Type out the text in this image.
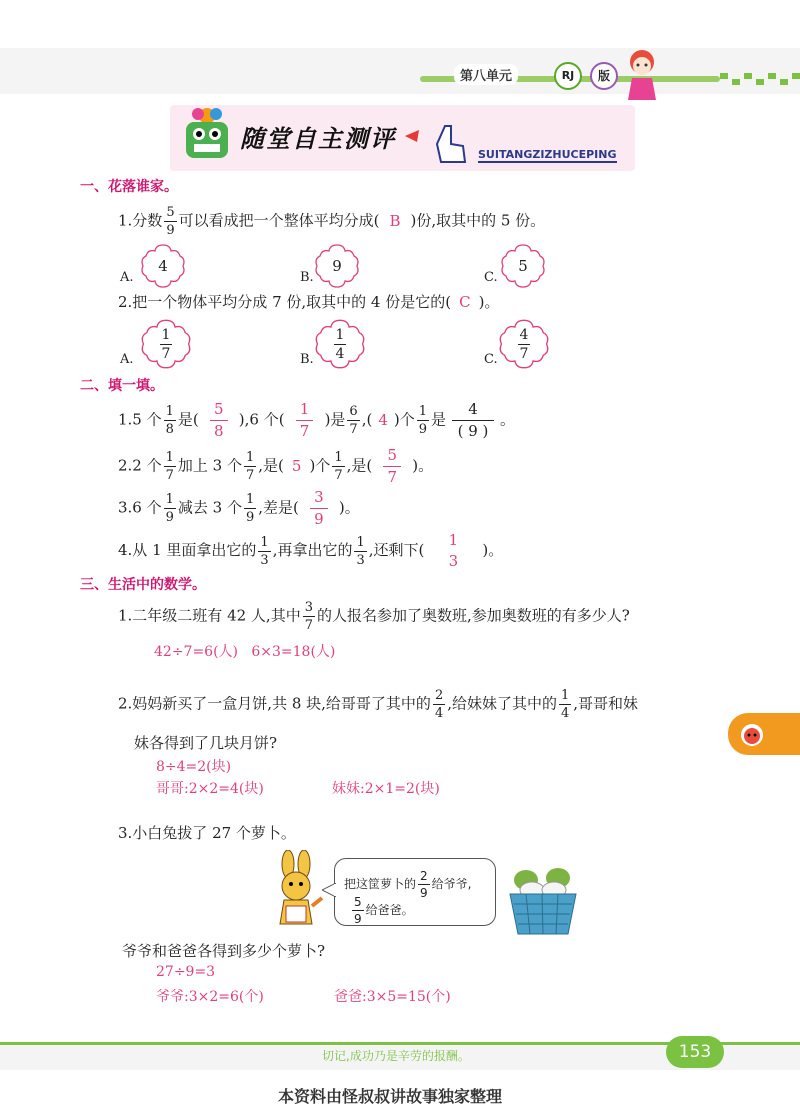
第八单元	RJ	版
随堂自主测评
SUITANGZIZHUCEPING
一、花落谁家。
1.分数 $\frac{5}{9}$ 可以看成把一个整体平均分成( B )份,取其中的 5 份。
A.
4
B.
9
C.
5
2.把一个物体平均分成 7 份,取其中的 4 份是它的( C )。
A. $\frac{1}{7}$	B. $\frac{1}{4}$	C. $\frac{4}{7}$
二、填一填。
1.5 个 $\frac{1}{8}$ 是( $\frac{5}{8} ),6$ 个( $\frac{1}{7}$ )是 $\frac{6}{7}$ ,( 4 )个 $\frac{1}{9}$ 是 $\frac{4}{( 9 )}$ 。
2.2 个 $\frac{1}{7}$ 加上 3 个 $\frac{1}{7}$ ,是( 5 )个 $\frac{1}{7}$ ,是( $\frac{5}{7}$ )。
3.6 个 $\frac{1}{9}$ 减去 3 个 $\frac{1}{9}$ ,差是( $\frac{3}{9}$ )。
4.从 1 里面拿出它的 $\frac{1}{3}$ ,再拿出它的 $\frac{1}{3}$ ,还剩下(
1
3
)。
三、生活中的数学。
1.二年级二班有 42 人,其中 $\frac{3}{7}$ 的人报名参加了奥数班,参加奥数班的有多少人?
42÷7=6(人)   6×3=18(人)
2.妈妈新买了一盒月饼,共 8 块,给哥哥了其中的 $\frac{2}{4}$ ,给妹妹了其中的 $\frac{1}{4}$ ,哥哥和妹
妹各得到了几块月饼?
8÷4=2(块)
哥哥:2×2=4(块)	妹妹:2×1=2(块)
3.小白兔拔了 27 个萝卜。
把这筐萝卜的 $\frac{2}{9}$ 给爷爷,
$\frac{5}{9}$ 给爸爸。
爷爷和爸爸各得到多少个萝卜?
27÷9=3
爷爷:3×2=6(个)	爸爸:3×5=15(个)
切记,成功乃是辛劳的报酬。	153
本资料由怪叔叔讲故事独家整理
